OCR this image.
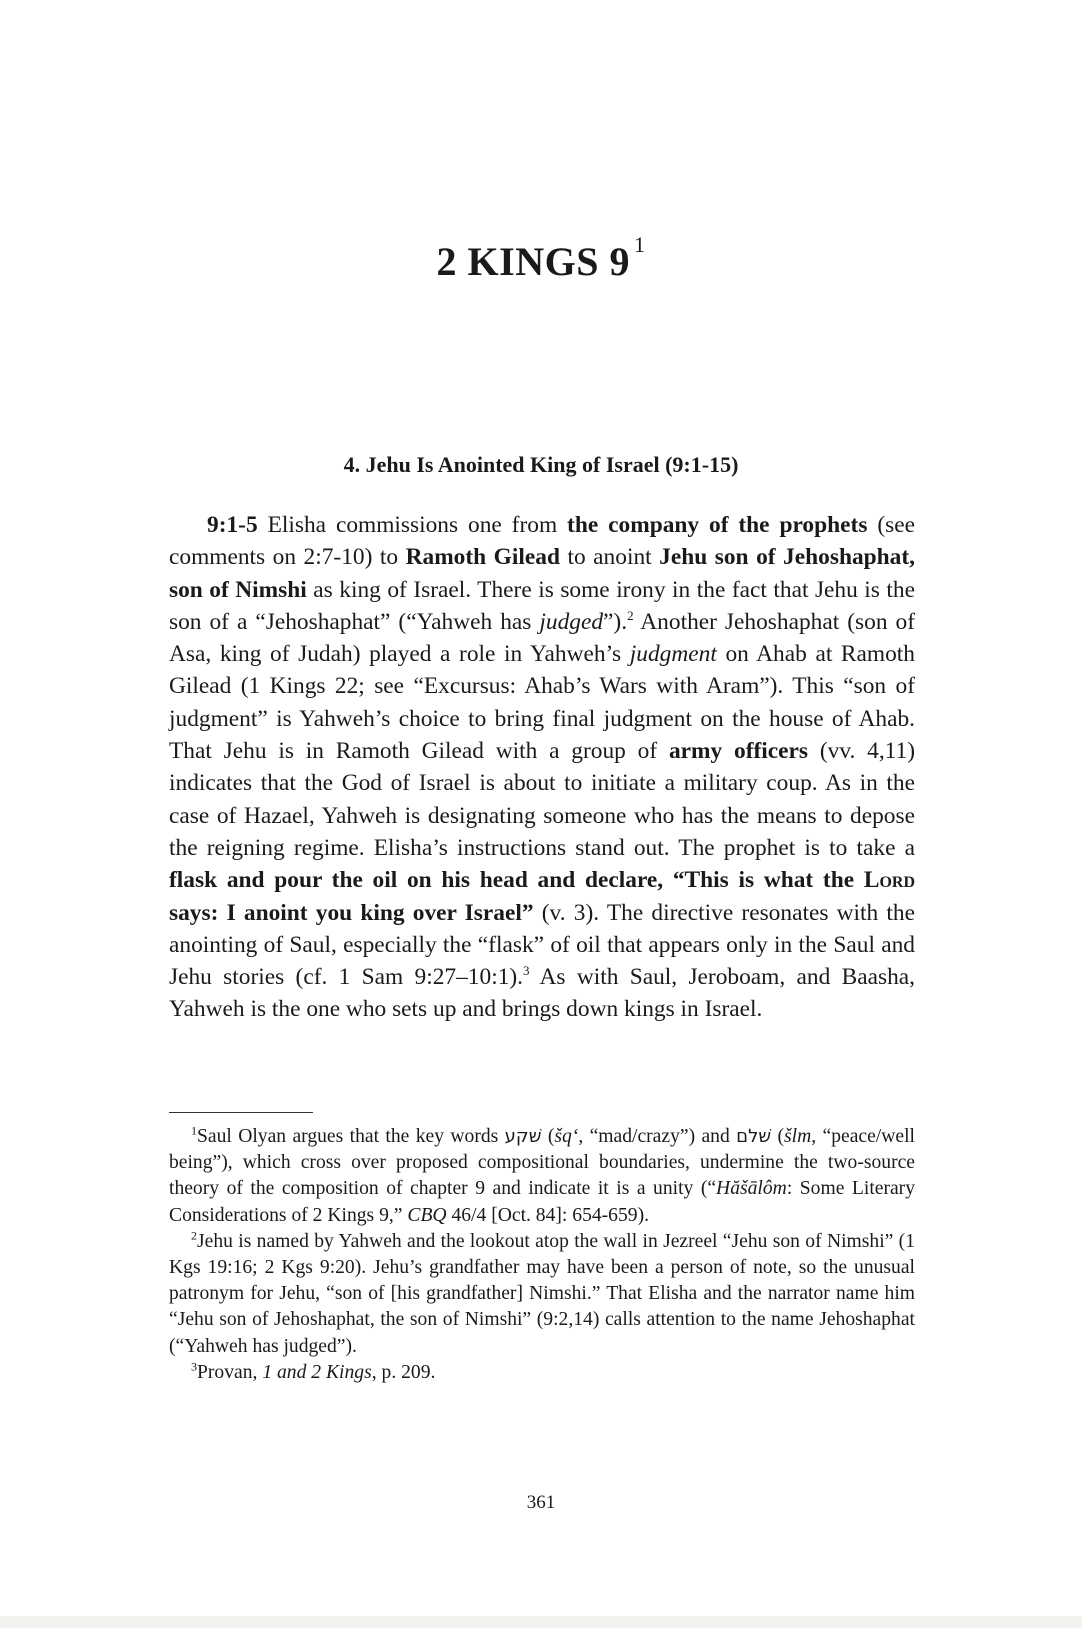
2 KINGS 9 $^1$
4. Jehu Is Anointed King of Israel (9:1-15)

9:1-5 Elisha commissions one from the company of the prophets (see comments on 2:7-10) to Ramoth Gilead to anoint Jehu son of Jehoshaphat, son of Nimshi as king of Israel. There is some irony in the fact that Jehu is the son of a “Jehoshaphat” (“Yahweh has judged”).$^2$ Another Jehoshaphat (son of Asa, king of Judah) played a role in Yahweh’s judgment on Ahab at Ramoth Gilead (1 Kings 22; see “Excursus: Ahab’s Wars with Aram”). This “son of judgment” is Yahweh’s choice to bring final judgment on the house of Ahab. That Jehu is in Ramoth Gilead with a group of army officers (vv. 4,11) indicates that the God of Israel is about to initiate a military coup. As in the case of Hazael, Yahweh is designating someone who has the means to depose the reigning regime. Elisha’s instructions stand out. The prophet is to take a flask and pour the oil on his head and declare, “This is what the Lord says: I anoint you king over Israel” (v. 3). The directive resonates with the anointing of Saul, especially the “flask” of oil that appears only in the Saul and Jehu stories (cf. 1 Sam 9:27–10:1).$^3$ As with Saul, Jeroboam, and Baasha, Yahweh is the one who sets up and brings down kings in Israel.

$^1$Saul Olyan argues that the key words שׁקע (šq‘, “mad/crazy”) and שׁלם (šlm, “peace/well being”), which cross over proposed compositional boundaries, undermine the two-source theory of the composition of chapter 9 and indicate it is a unity (“Hăšālôm: Some Literary Considerations of 2 Kings 9,” CBQ 46/4 [Oct. 84]: 654-659).

$^2$Jehu is named by Yahweh and the lookout atop the wall in Jezreel “Jehu son of Nimshi” (1 Kgs 19:16; 2 Kgs 9:20). Jehu’s grandfather may have been a person of note, so the unusual patronym for Jehu, “son of [his grandfather] Nimshi.” That Elisha and the narrator name him “Jehu son of Jehoshaphat, the son of Nimshi” (9:2,14) calls attention to the name Jehoshaphat (“Yahweh has judged”).

$^3$Provan, 1 and 2 Kings, p. 209.

361
